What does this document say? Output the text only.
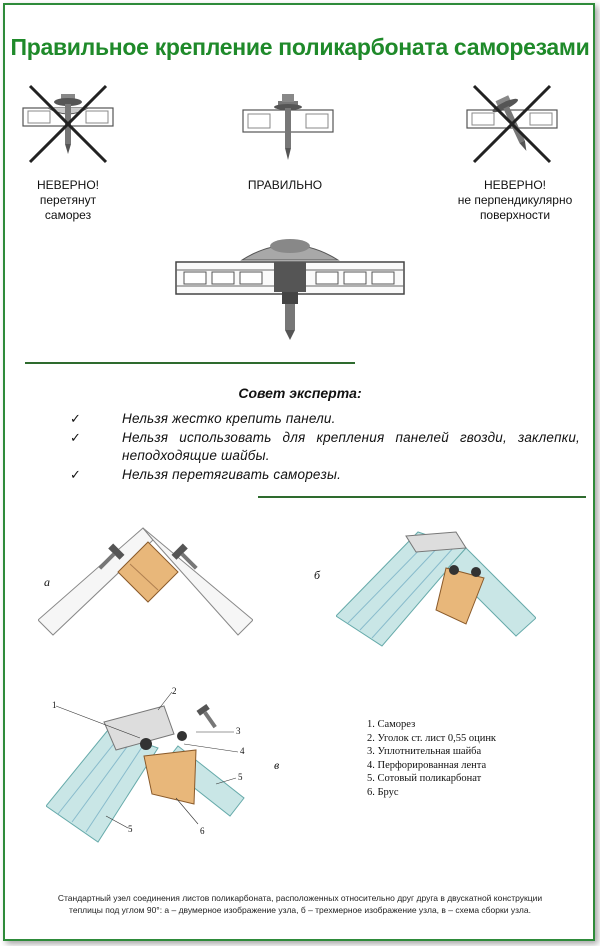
Правильное крепление поликарбоната саморезами
НЕВЕРНО!
перетянут
саморез
ПРАВИЛЬНО	НЕВЕРНО!
не перпендикулярно
поверхности
Совет эксперта:
✓	Нельзя жестко крепить панели.
✓	Нельзя использовать для крепления панелей гвозди, заклепки, неподходящие шайбы.
✓	Нельзя перетягивать саморезы.
а	б
1
2
3
4
5
5	6
в
1. Саморез
2. Уголок ст. лист 0,55 оцинк
3. Уплотнительная шайба
4. Перфорированная лента
5. Сотовый поликарбонат
6. Брус
Стандартный узел соединения листов поликарбоната, расположенных относительно друг друга в двускатной конструкции
теплицы под углом 90°: а – двумерное изображение узла, б – трехмерное изображение узла, в – схема сборки узла.
